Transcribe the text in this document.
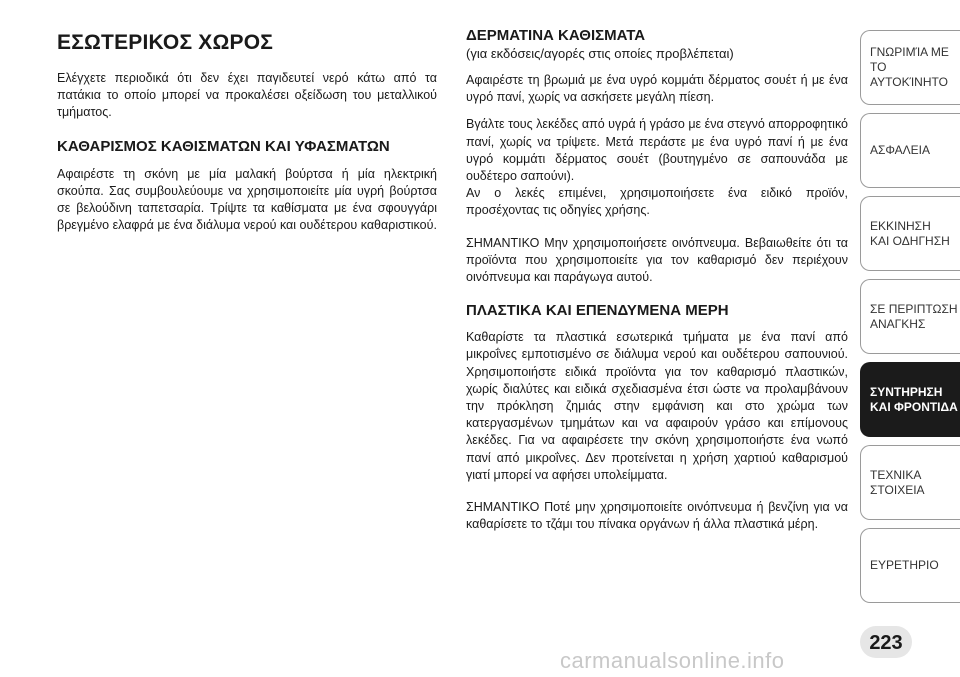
ΕΣΩΤΕΡΙΚΟΣ ΧΩΡΟΣ

Ελέγχετε περιοδικά ότι δεν έχει παγιδευτεί νερό κάτω από τα πατάκια το οποίο μπορεί να προκαλέσει οξείδωση του μεταλλικού τμήματος.

ΚΑΘΑΡΙΣΜΟΣ ΚΑΘΙΣΜΑΤΩΝ ΚΑΙ ΥΦΑΣΜΑΤΩΝ

Αφαιρέστε τη σκόνη με μία μαλακή βούρτσα ή μία ηλεκτρική σκούπα. Σας συμβουλεύουμε να χρησιμοποιείτε μία υγρή βούρτσα σε βελούδινη ταπετσαρία. Τρίψτε τα καθίσματα με ένα σφουγγάρι βρεγμένο ελαφρά με ένα διάλυμα νερού και ουδέτερου καθαριστικού.

ΔΕΡΜΑΤΙΝΑ ΚΑΘΙΣΜΑΤΑ
(για εκδόσεις/αγορές στις οποίες προβλέπεται)

Αφαιρέστε τη βρωμιά με ένα υγρό κομμάτι δέρματος σουέτ ή με ένα υγρό πανί, χωρίς να ασκήσετε μεγάλη πίεση.

Βγάλτε τους λεκέδες από υγρά ή γράσο με ένα στεγνό απορροφητικό πανί, χωρίς να τρίψετε. Μετά περάστε με ένα υγρό πανί ή με ένα υγρό κομμάτι δέρματος σουέτ (βουτηγμένο σε σαπουνάδα με ουδέτερο σαπούνι).

Αν ο λεκές επιμένει, χρησιμοποιήσετε ένα ειδικό προϊόν, προσέχοντας τις οδηγίες χρήσης.

ΣΗΜΑΝΤΙΚΟ Μην χρησιμοποιήσετε οινόπνευμα. Βεβαιωθείτε ότι τα προϊόντα που χρησιμοποιείτε για τον καθαρισμό δεν περιέχουν οινόπνευμα και παράγωγα αυτού.

ΠΛΑΣΤΙΚΑ ΚΑΙ ΕΠΕΝΔΥΜΕΝΑ ΜΕΡΗ

Καθαρίστε τα πλαστικά εσωτερικά τμήματα με ένα πανί από μικροΐνες εμποτισμένο σε διάλυμα νερού και ουδέτερου σαπουνιού. Χρησιμοποιήστε ειδικά προϊόντα για τον καθαρισμό πλαστικών, χωρίς διαλύτες και ειδικά σχεδιασμένα έτσι ώστε να προλαμβάνουν την πρόκληση ζημιάς στην εμφάνιση και στο χρώμα των κατεργασμένων τμημάτων και να αφαιρούν γράσο και επίμονους λεκέδες. Για να αφαιρέσετε την σκόνη χρησιμοποιήστε ένα νωπό πανί από μικροΐνες. Δεν προτείνεται η χρήση χαρτιού καθαρισμού γιατί μπορεί να αφήσει υπολείμματα.

ΣΗΜΑΝΤΙΚΟ Ποτέ μην χρησιμοποιείτε οινόπνευμα ή βενζίνη για να καθαρίσετε το τζάμι του πίνακα οργάνων ή άλλα πλαστικά μέρη.

ΓΝΩΡΙΜΊΑ ΜΕ ΤΟ
ΑΥΤΟΚΊΝΗΤΟ
ΑΣΦΑΛΕΙΑ
ΕΚΚΙΝΗΣΗ
ΚΑΙ ΟΔΗΓΗΣΗ
ΣΕ ΠΕΡΙΠΤΩΣΗ
ΑΝΑΓΚΗΣ
ΣΥΝΤΗΡΗΣΗ
ΚΑΙ ΦΡΟΝΤΙΔΑ
ΤΕΧΝΙΚΑ
ΣΤΟΙΧΕΙΑ
ΕΥΡΕΤΗΡΙΟ
223
carmanualsonline.info
